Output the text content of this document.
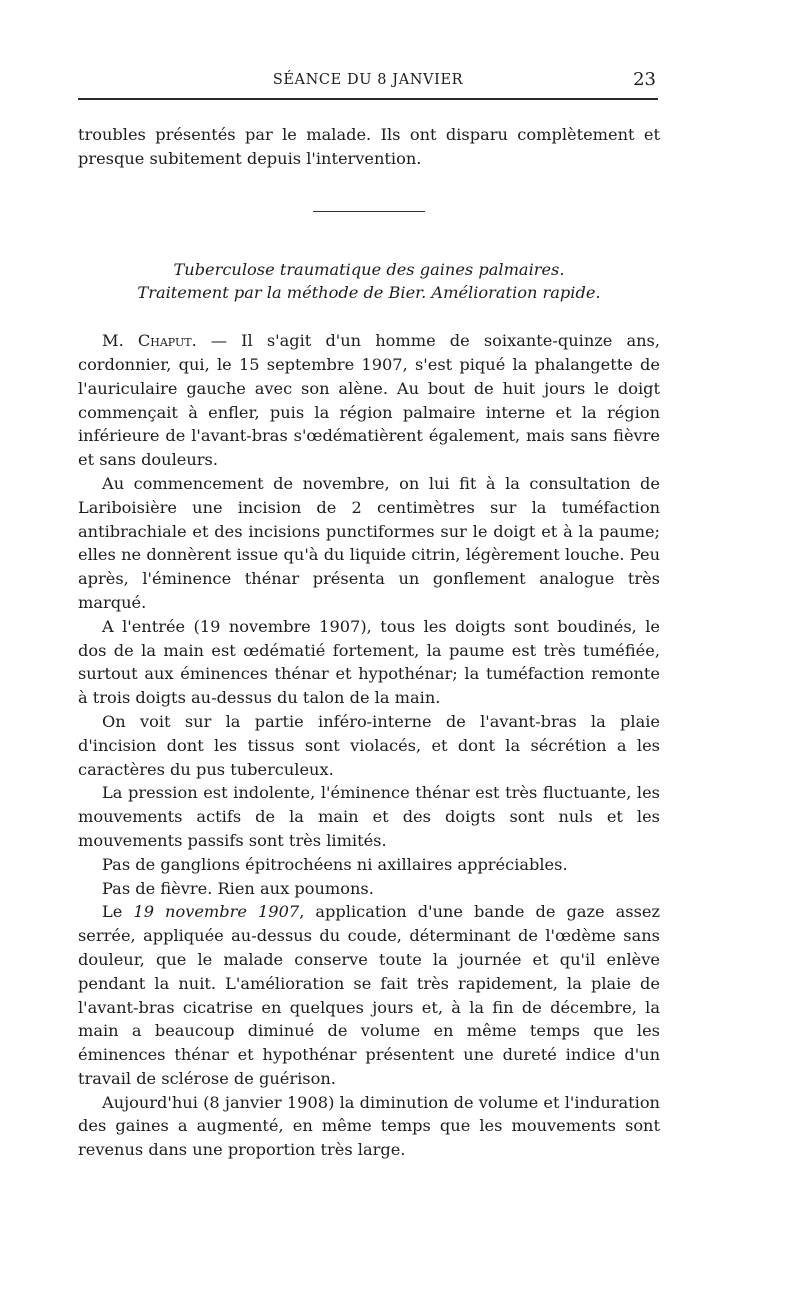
SÉANCE DU 8 JANVIER	23

troubles présentés par le malade. Ils ont disparu complètement et presque subitement depuis l'intervention.

Tuberculose traumatique des gaines palmaires.
Traitement par la méthode de Bier. Amélioration rapide.

M. Chaput. — Il s'agit d'un homme de soixante-quinze ans, cordonnier, qui, le 15 septembre 1907, s'est piqué la phalangette de l'auriculaire gauche avec son alène. Au bout de huit jours le doigt commençait à enfler, puis la région palmaire interne et la région inférieure de l'avant-bras s'œdématièrent également, mais sans fièvre et sans douleurs.

Au commencement de novembre, on lui fit à la consultation de Lariboisière une incision de 2 centimètres sur la tuméfaction antibrachiale et des incisions punctiformes sur le doigt et à la paume; elles ne donnèrent issue qu'à du liquide citrin, légèrement louche. Peu après, l'éminence thénar présenta un gonflement analogue très marqué.

A l'entrée (19 novembre 1907), tous les doigts sont boudinés, le dos de la main est œdématié fortement, la paume est très tuméfiée, surtout aux éminences thénar et hypothénar; la tuméfaction remonte à trois doigts au-dessus du talon de la main.

On voit sur la partie inféro-interne de l'avant-bras la plaie d'incision dont les tissus sont violacés, et dont la sécrétion a les caractères du pus tuberculeux.

La pression est indolente, l'éminence thénar est très fluctuante, les mouvements actifs de la main et des doigts sont nuls et les mouvements passifs sont très limités.

Pas de ganglions épitrochéens ni axillaires appréciables.

Pas de fièvre. Rien aux poumons.

Le 19 novembre 1907, application d'une bande de gaze assez serrée, appliquée au-dessus du coude, déterminant de l'œdème sans douleur, que le malade conserve toute la journée et qu'il enlève pendant la nuit. L'amélioration se fait très rapidement, la plaie de l'avant-bras cicatrise en quelques jours et, à la fin de décembre, la main a beaucoup diminué de volume en même temps que les éminences thénar et hypothénar présentent une dureté indice d'un travail de sclérose de guérison.

Aujourd'hui (8 janvier 1908) la diminution de volume et l'induration des gaines a augmenté, en même temps que les mouvements sont revenus dans une proportion très large.
